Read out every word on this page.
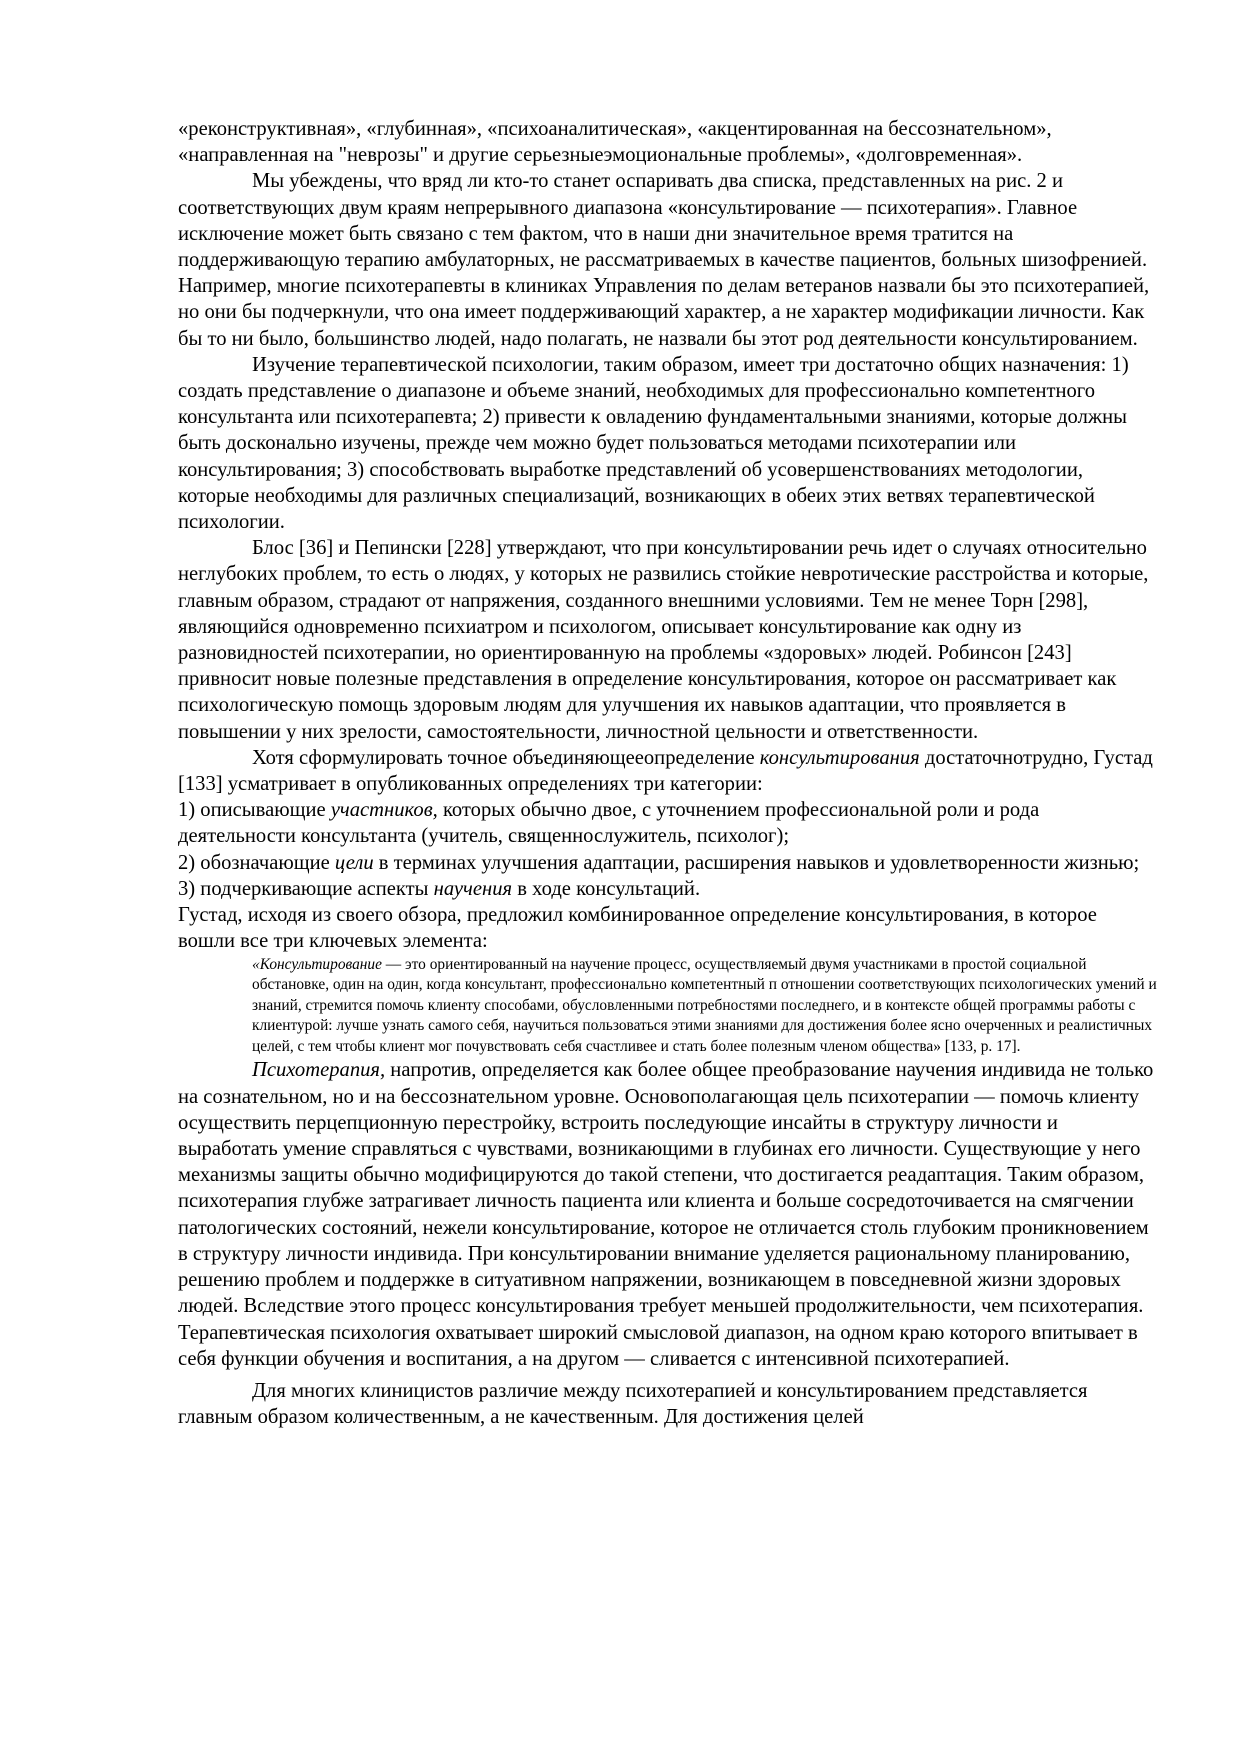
«реконструктивная», «глубинная», «психоаналитическая», «акцентированная на бессознательном», «направленная на "неврозы" и другие серьезныеэмоциональные проблемы», «долговременная».

Мы убеждены, что вряд ли кто-то станет оспаривать два списка, представленных на рис. 2 и соответствующих двум краям непрерывного диапазона «консультирование — психотерапия». Главное исключение может быть связано с тем фактом, что в наши дни значительное время тратится на поддерживающую терапию амбулаторных, не рассматриваемых в качестве пациентов, больных шизофренией. Например, многие психотерапевты в клиниках Управления по делам ветеранов назвали бы это психотерапией, но они бы подчеркнули, что она имеет поддерживающий характер, а не характер модификации личности. Как бы то ни было, большинство людей, надо полагать, не назвали бы этот род деятельности консультированием.

Изучение терапевтической психологии, таким образом, имеет три достаточно общих назначения: 1) создать представление о диапазоне и объеме знаний, необходимых для профессионально компетентного консультанта или психотерапевта; 2) привести к овладению фундаментальными знаниями, которые должны быть досконально изучены, прежде чем можно будет пользоваться методами психотерапии или консультирования; 3) способствовать выработке представлений об усовершенствованиях методологии, которые необходимы для различных специализаций, возникающих в обеих этих ветвях терапевтической психологии.

Блос [36] и Пепински [228] утверждают, что при консультировании речь идет о случаях относительно неглубоких проблем, то есть о людях, у которых не развились стойкие невротические расстройства и которые, главным образом, страдают от напряжения, созданного внешними условиями. Тем не менее Торн [298], являющийся одновременно психиатром и психологом, описывает консультирование как одну из разновидностей психотерапии, но ориентированную на проблемы «здоровых» людей. Робинсон [243] привносит новые полезные представления в определение консультирования, которое он рассматривает как психологическую помощь здоровым людям для улучшения их навыков адаптации, что проявляется в повышении у них зрелости, самостоятельности, личностной цельности и ответственности.

Хотя сформулировать точное объединяющееопределение консультирования достаточнотрудно, Густад [133] усматривает в опубликованных определениях три категории:

1) описывающие участников, которых обычно двое, с уточнением профессиональной роли и рода деятельности консультанта (учитель, священнослужитель, психолог);

2) обозначающие цели в терминах улучшения адаптации, расширения навыков и удовлетворенности жизнью;

3) подчеркивающие аспекты научения в ходе консультаций.

Густад, исходя из своего обзора, предложил комбинированное определение консультирования, в которое вошли все три ключевых элемента:

«Консультирование — это ориентированный на научение процесс, осуществляемый двумя участниками в простой социальной обстановке, один на один, когда консультант, профессионально компетентный п отношении соответствующих психологических умений и знаний, стремится помочь клиенту способами, обусловленными потребностями последнего, и в контексте общей программы работы с клиентурой: лучше узнать самого себя, научиться пользоваться этими знаниями для достижения более ясно очерченных и реалистичных целей, с тем чтобы клиент мог почувствовать себя счастливее и стать более полезным членом общества» [133, р. 17].

Психотерапия, напротив, определяется как более общее преобразование научения индивида не только на сознательном, но и на бессознательном уровне. Основополагающая цель психотерапии — помочь клиенту осуществить перцепционную перестройку, встроить последующие инсайты в структуру личности и выработать умение справляться с чувствами, возникающими в глубинах его личности. Существующие у него механизмы защиты обычно модифицируются до такой степени, что достигается реадаптация. Таким образом, психотерапия глубже затрагивает личность пациента или клиента и больше сосредоточивается на смягчении патологических состояний, нежели консультирование, которое не отличается столь глубоким проникновением в структуру личности индивида. При консультировании внимание уделяется рациональному планированию, решению проблем и поддержке в ситуативном напряжении, возникающем в повседневной жизни здоровых людей. Вследствие этого процесс консультирования требует меньшей продолжительности, чем психотерапия. Терапевтическая психология охватывает широкий смысловой диапазон, на одном краю которого впитывает в себя функции обучения и воспитания, а на другом — сливается с интенсивной психотерапией.

Для многих клиницистов различие между психотерапией и консультированием представляется главным образом количественным, а не качественным. Для достижения целей
